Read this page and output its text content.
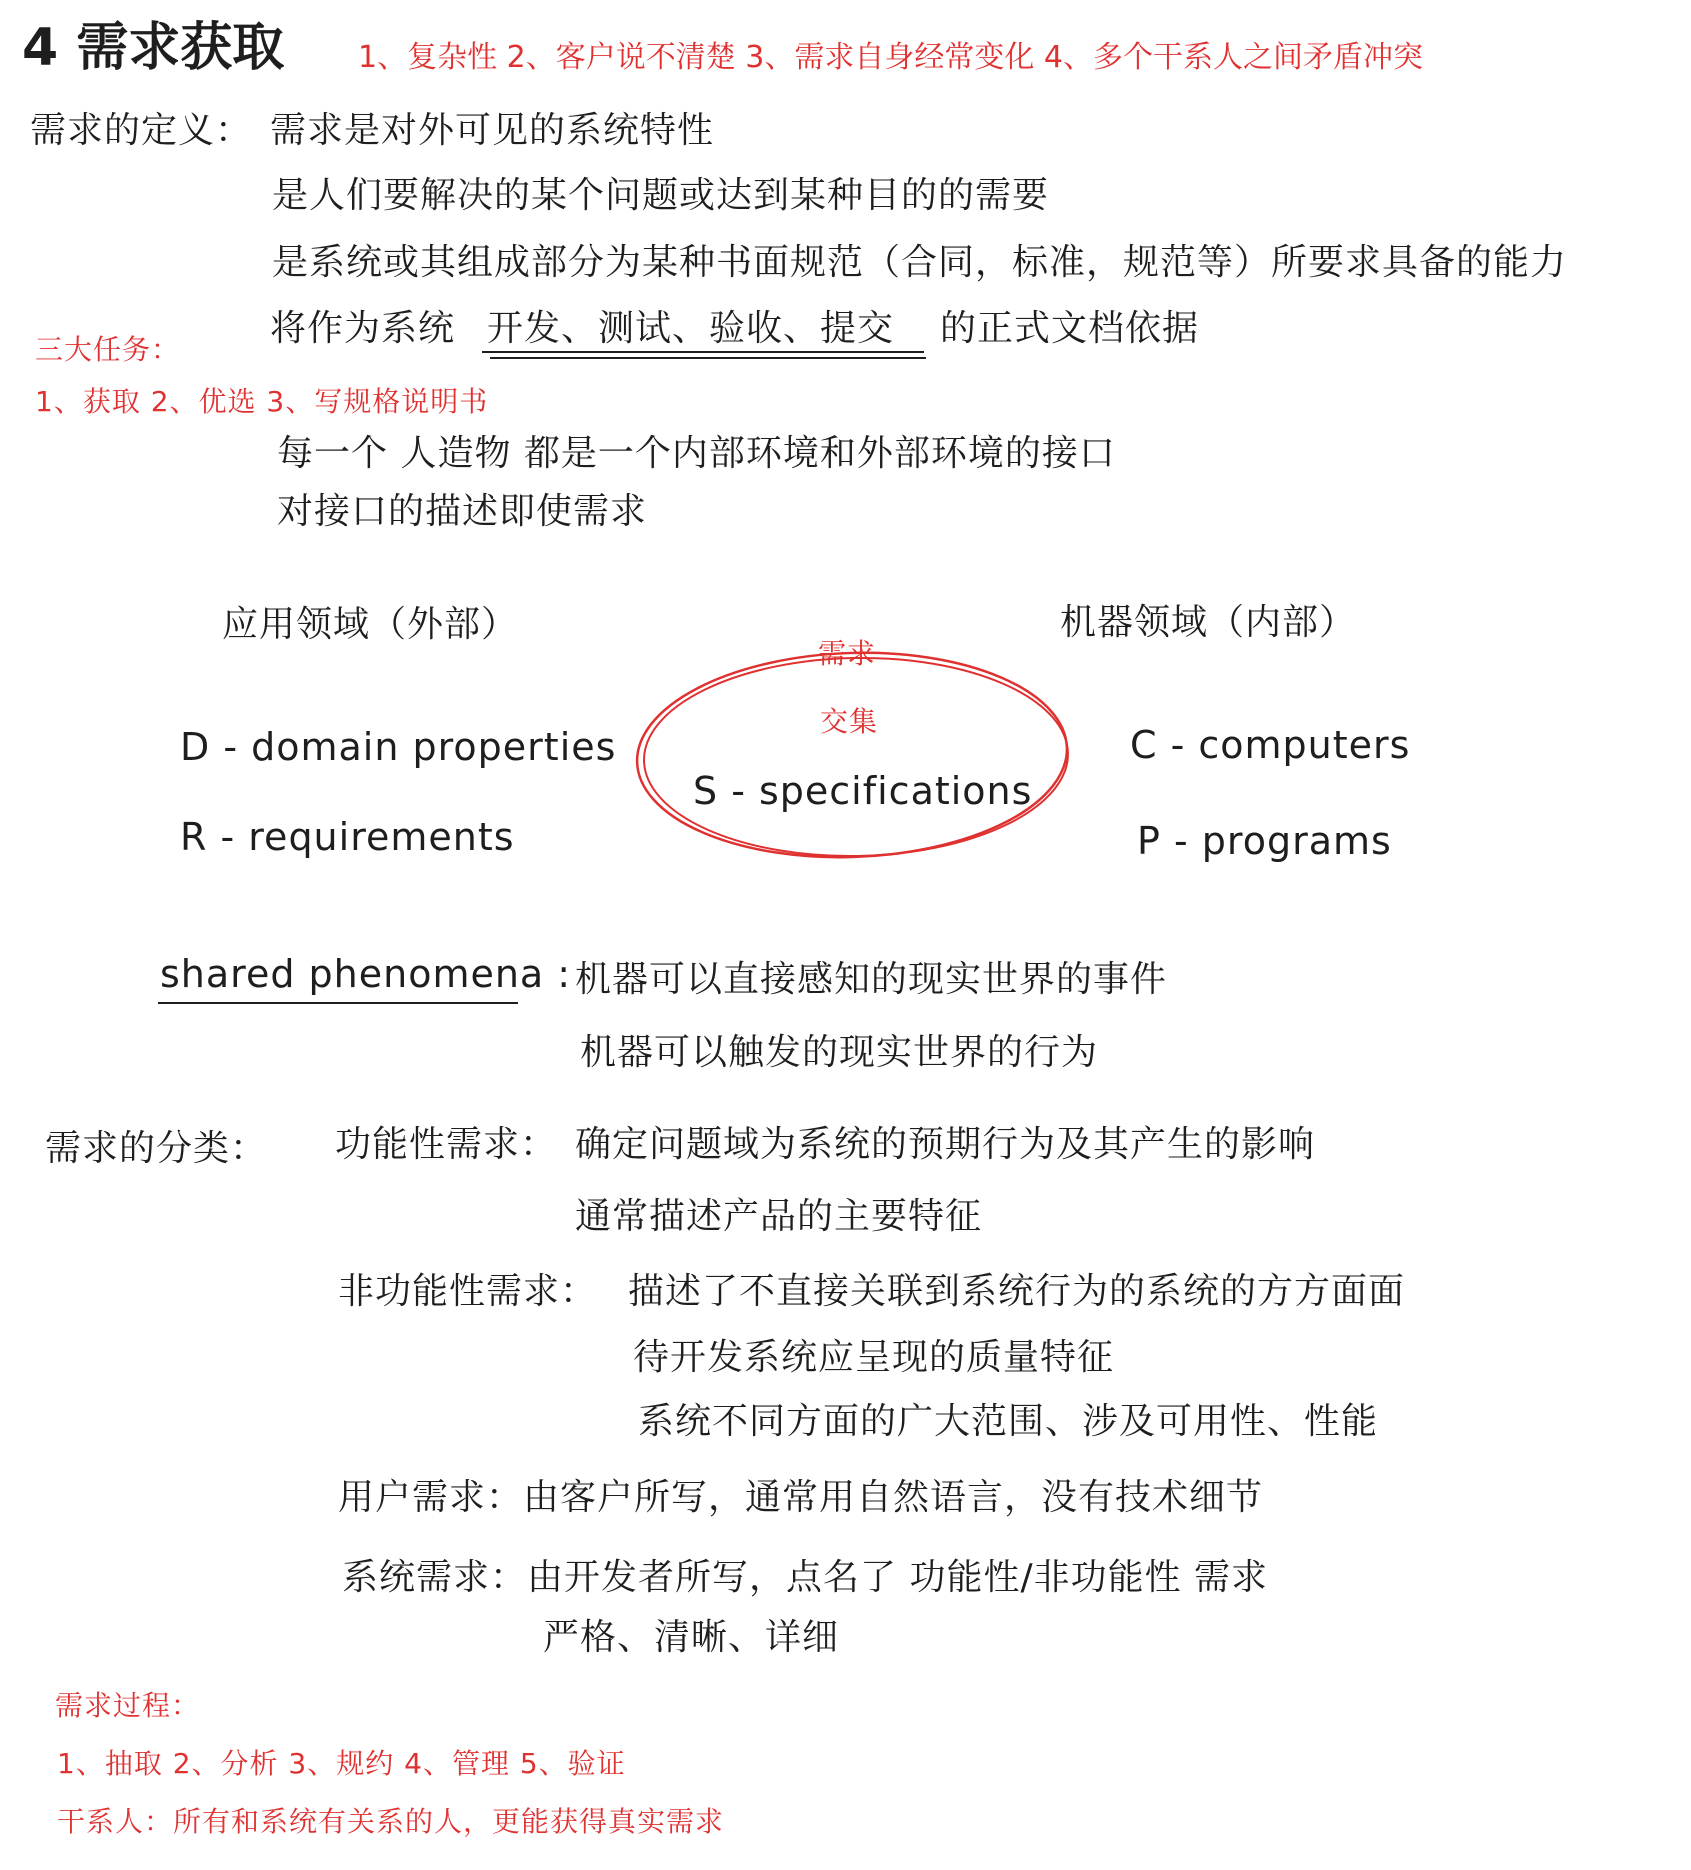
4 需求获取 1、复杂性 2、客户说不清楚 3、需求自身经常变化 4、多个干系人之间矛盾冲突
需求的定义： 需求是对外可见的系统特性
是人们要解决的某个问题或达到某种目的的需要
是系统或其组成部分为某种书面规范（合同，标准，规范等）所要求具备的能力
将作为系统 开发、测试、验收、提交 的正式文档依据
三大任务：
1、获取 2、优选 3、写规格说明书
每一个 人造物 都是一个内部环境和外部环境的接口
对接口的描述即使需求
应用领域（外部）	机器领域（内部）
需求
交集
D - domain properties
R - requirements
S - specifications
C - computers
P - programs
shared phenomena : 机器可以直接感知的现实世界的事件
机器可以触发的现实世界的行为
需求的分类： 功能性需求： 确定问题域为系统的预期行为及其产生的影响
通常描述产品的主要特征
非功能性需求： 描述了不直接关联到系统行为的系统的方方面面
待开发系统应呈现的质量特征
系统不同方面的广大范围、涉及可用性、性能
用户需求：由客户所写，通常用自然语言，没有技术细节
系统需求：由开发者所写，点名了 功能性/非功能性 需求
严格、清晰、详细
需求过程：
1、抽取 2、分析 3、规约 4、管理 5、验证
干系人：所有和系统有关系的人，更能获得真实需求
